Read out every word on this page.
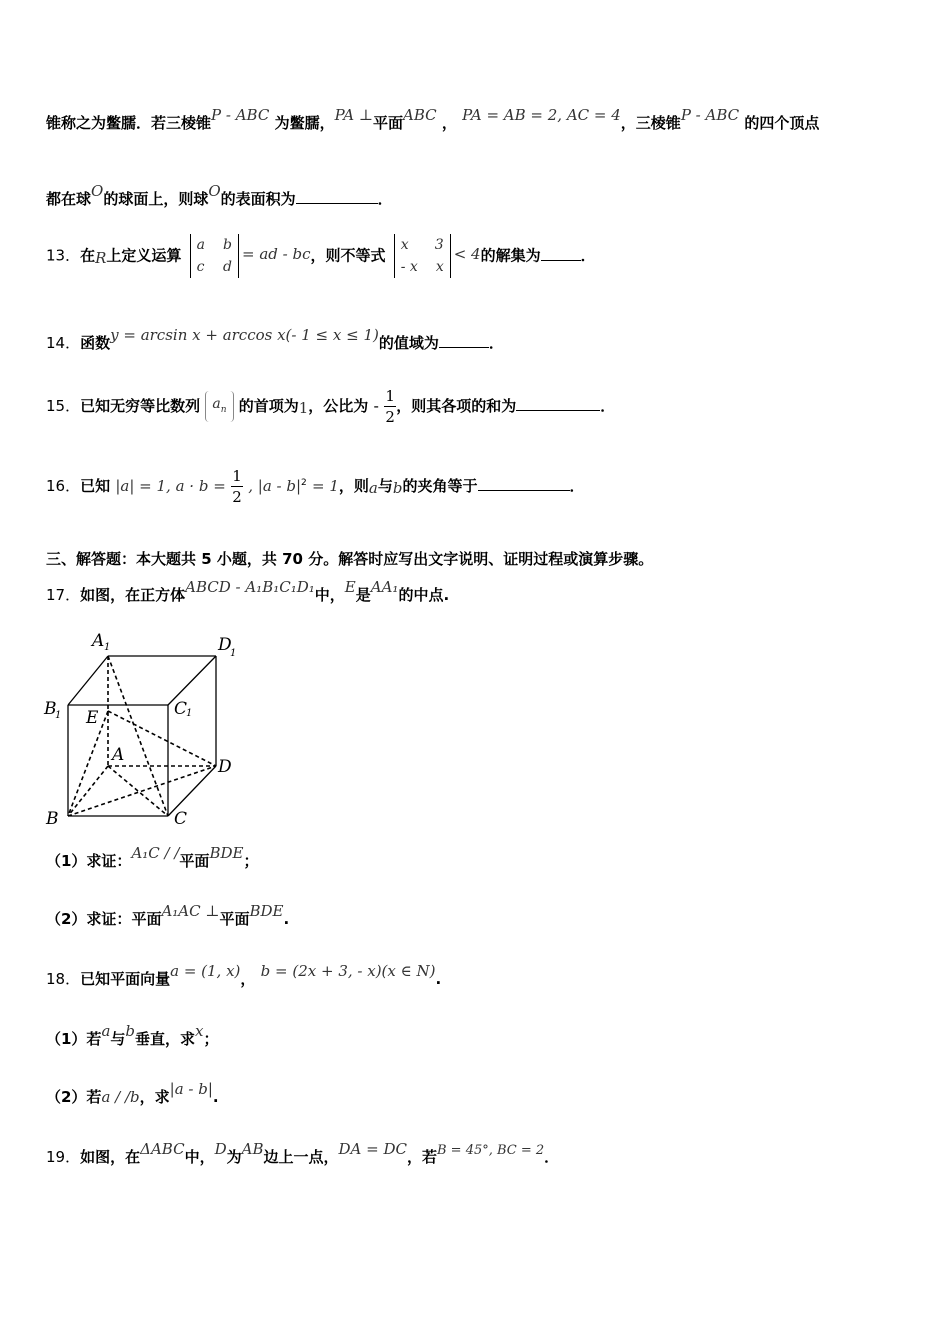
锥称之为鳖臑．若三棱锥P - ABC 为鳖臑，PA ⊥平面ABC ， PA = AB = 2, AC = 4，三棱锥P - ABC 的四个顶点
都在球O的球面上，则球O的表面积为	．
13．在R上定义运算
a b
c d
= ad - bc，则不等式
x 3
- x x
< 4的解集为	．
14．函数y = arcsin x + arccos x(- 1 ≤ x ≤ 1)的值域为	．
15．已知无穷等比数列 $a_n$ 的首项为1，公比为 - $\frac{1}{2}$ ，则其各项的和为	．
16．已知 |a| = 1, $a \cdot b = \frac{1}{2}$ , $|a - b|^2 = 1$，则a与b的夹角等于	．
三、解答题：本大题共 5 小题，共 70 分。解答时应写出文字说明、证明过程或演算步骤。
17．如图，在正方体ABCD - A₁B₁C₁D₁中，E是AA₁的中点.
A 1	D
1
B
1	C
1
E
A
D
B	C
（1）求证：A₁C / /平面BDE；
（2）求证：平面A₁AC ⊥平面BDE.
18．已知平面向量a = (1, x)， b = (2x + 3, - x)(x ∈ N).
（1）若a与b垂直，求x；
（2）若a / /b，求|a - b|.
19．如图，在ΔABC中，D为AB边上一点，DA = DC，若B = 45°, BC = 2．
